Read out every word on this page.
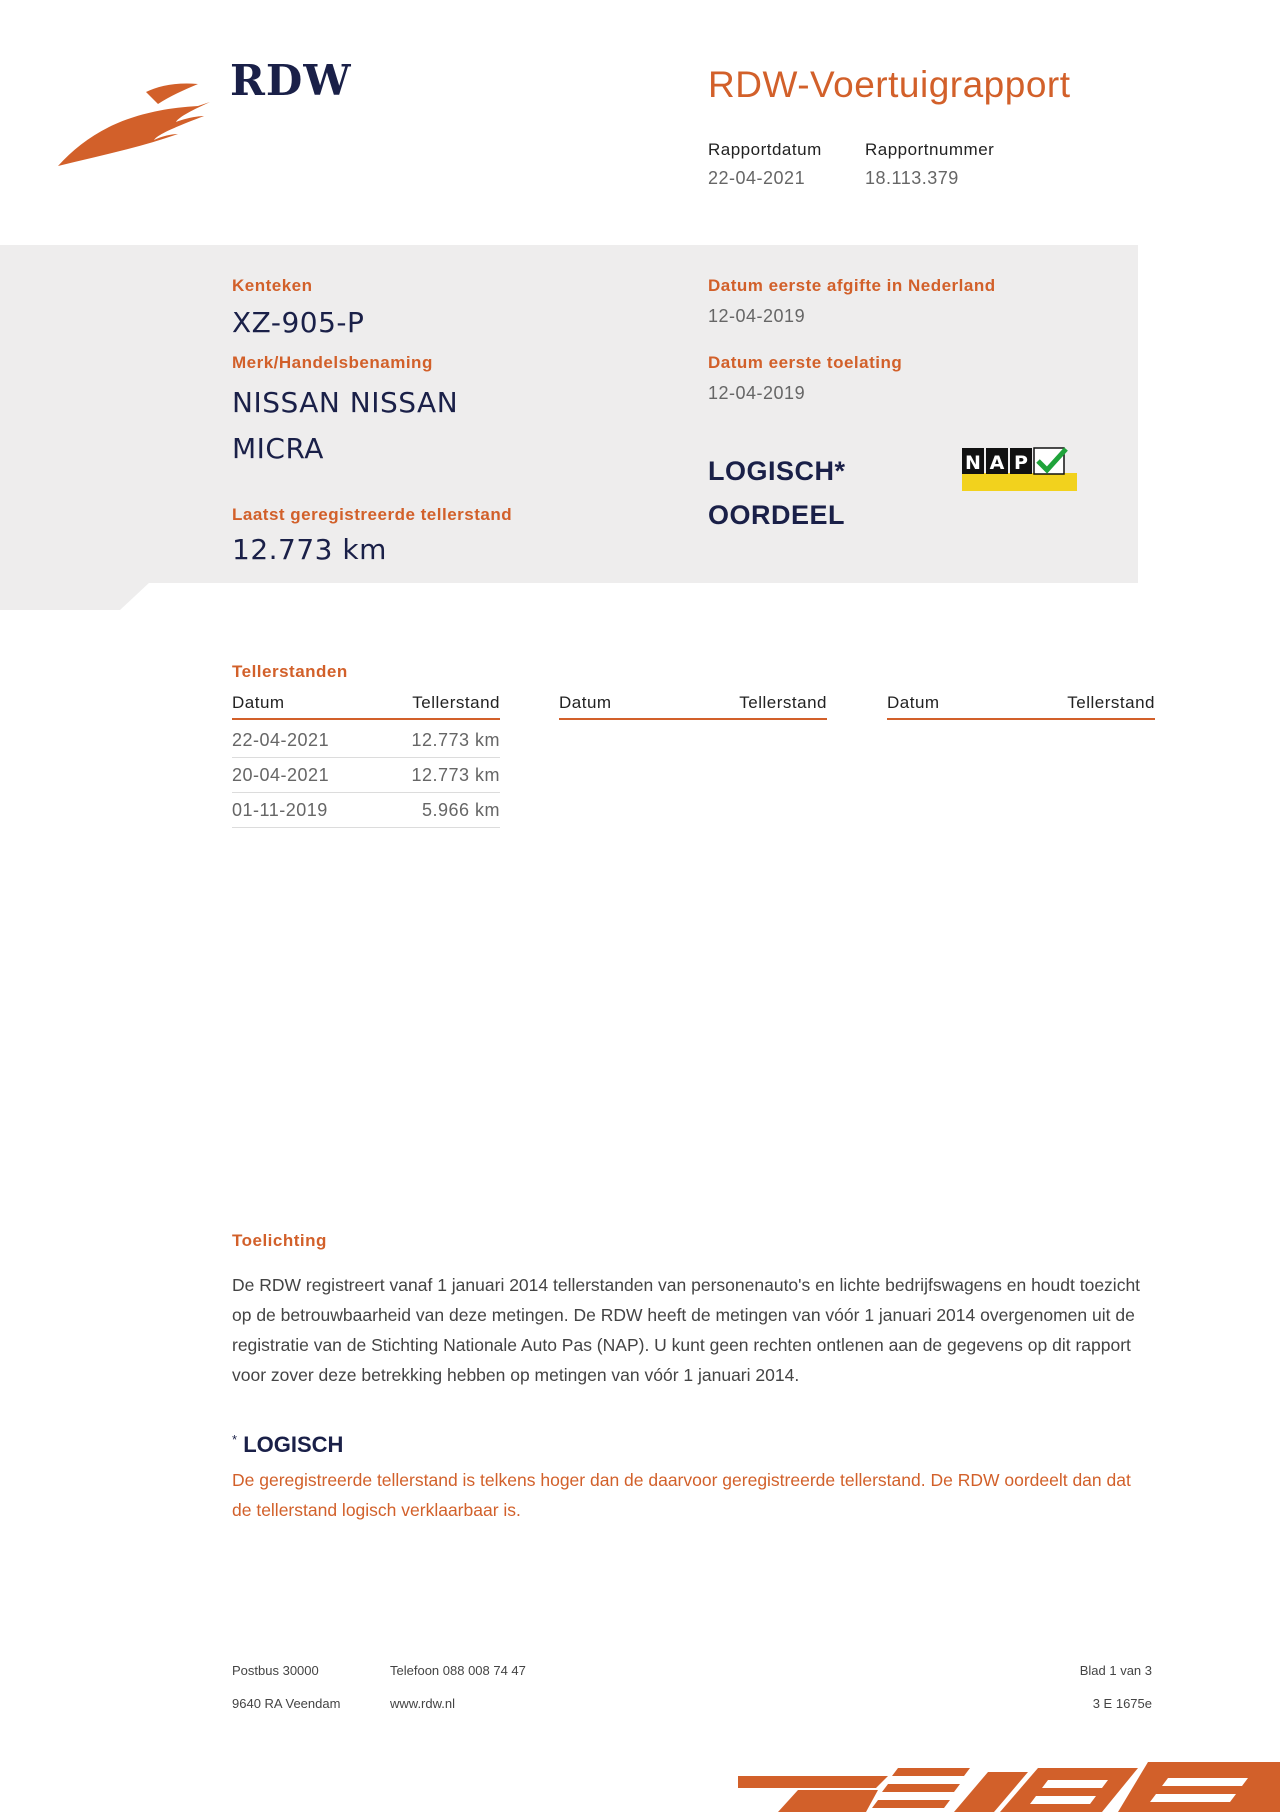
RDW	RDW-Voertuigrapport
Rapportdatum
22-04-2021
Rapportnummer
18.113.379
Kenteken
XZ-905-P
Merk/Handelsbenaming
NISSAN NISSAN
MICRA
Laatst geregistreerde tellerstand
12.773 km
Datum eerste afgifte in Nederland
12-04-2019
Datum eerste toelating
12-04-2019
LOGISCH*
OORDEEL
N A P
Tellerstanden
Datum	Tellerstand	Datum	Tellerstand	Datum	Tellerstand
22-04-2021	12.773 km
20-04-2021	12.773 km
01-11-2019	5.966 km
Toelichting

De RDW registreert vanaf 1 januari 2014 tellerstanden van personenauto's en lichte bedrijfswagens en houdt toezicht op de betrouwbaarheid van deze metingen. De RDW heeft de metingen van vóór 1 januari 2014 overgenomen uit de registratie van de Stichting Nationale Auto Pas (NAP). U kunt geen rechten ontlenen aan de gegevens op dit rapport voor zover deze betrekking hebben op metingen van vóór 1 januari 2014.

* LOGISCH

De geregistreerde tellerstand is telkens hoger dan de daarvoor geregistreerde tellerstand. De RDW oordeelt dan dat de tellerstand logisch verklaarbaar is.

Postbus 30000
9640 RA Veendam
Telefoon 088 008 74 47
www.rdw.nl
Blad 1 van 3
3 E 1675e
